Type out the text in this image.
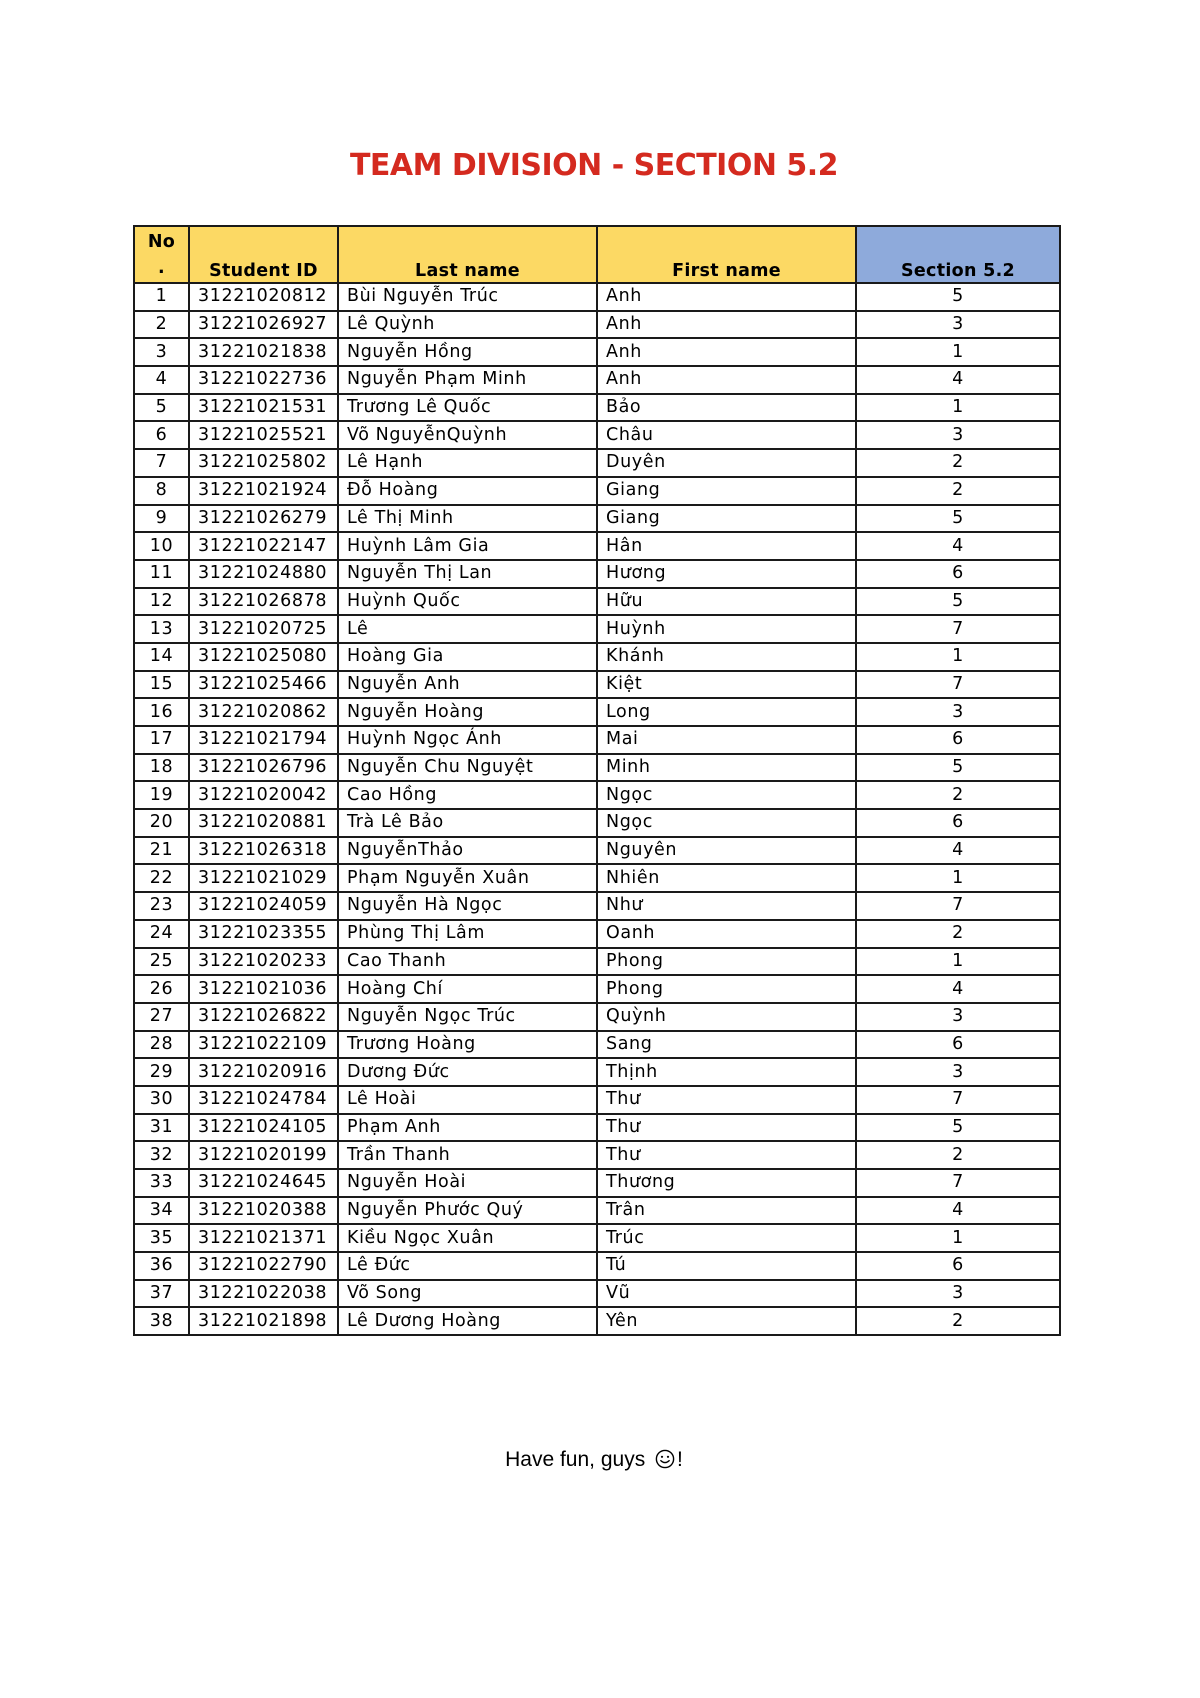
TEAM DIVISION - SECTION 5.2
No
.	Student ID	Last name	First name	Section 5.2
1	31221020812	Bùi Nguyễn Trúc	Anh	5
2	31221026927	Lê Quỳnh	Anh	3
3	31221021838	Nguyễn Hồng	Anh	1
4	31221022736	Nguyễn Phạm Minh	Anh	4
5	31221021531	Trương Lê Quốc	Bảo	1
6	31221025521	Võ NguyễnQuỳnh	Châu	3
7	31221025802	Lê Hạnh	Duyên	2
8	31221021924	Đỗ Hoàng	Giang	2
9	31221026279	Lê Thị Minh	Giang	5
10	31221022147	Huỳnh Lâm Gia	Hân	4
11	31221024880	Nguyễn Thị Lan	Hương	6
12	31221026878	Huỳnh Quốc	Hữu	5
13	31221020725	Lê	Huỳnh	7
14	31221025080	Hoàng Gia	Khánh	1
15	31221025466	Nguyễn Anh	Kiệt	7
16	31221020862	Nguyễn Hoàng	Long	3
17	31221021794	Huỳnh Ngọc Ánh	Mai	6
18	31221026796	Nguyễn Chu Nguyệt	Minh	5
19	31221020042	Cao Hồng	Ngọc	2
20	31221020881	Trà Lê Bảo	Ngọc	6
21	31221026318	NguyễnThảo	Nguyên	4
22	31221021029	Phạm Nguyễn Xuân	Nhiên	1
23	31221024059	Nguyễn Hà Ngọc	Như	7
24	31221023355	Phùng Thị Lâm	Oanh	2
25	31221020233	Cao Thanh	Phong	1
26	31221021036	Hoàng Chí	Phong	4
27	31221026822	Nguyễn Ngọc Trúc	Quỳnh	3
28	31221022109	Trương Hoàng	Sang	6
29	31221020916	Dương Đức	Thịnh	3
30	31221024784	Lê Hoài	Thư	7
31	31221024105	Phạm Anh	Thư	5
32	31221020199	Trần Thanh	Thư	2
33	31221024645	Nguyễn Hoài	Thương	7
34	31221020388	Nguyễn Phước Quý	Trân	4
35	31221021371	Kiều Ngọc Xuân	Trúc	1
36	31221022790	Lê Đức	Tú	6
37	31221022038	Võ Song	Vũ	3
38	31221021898	Lê Dương Hoàng	Yên	2
Have fun, guys !
